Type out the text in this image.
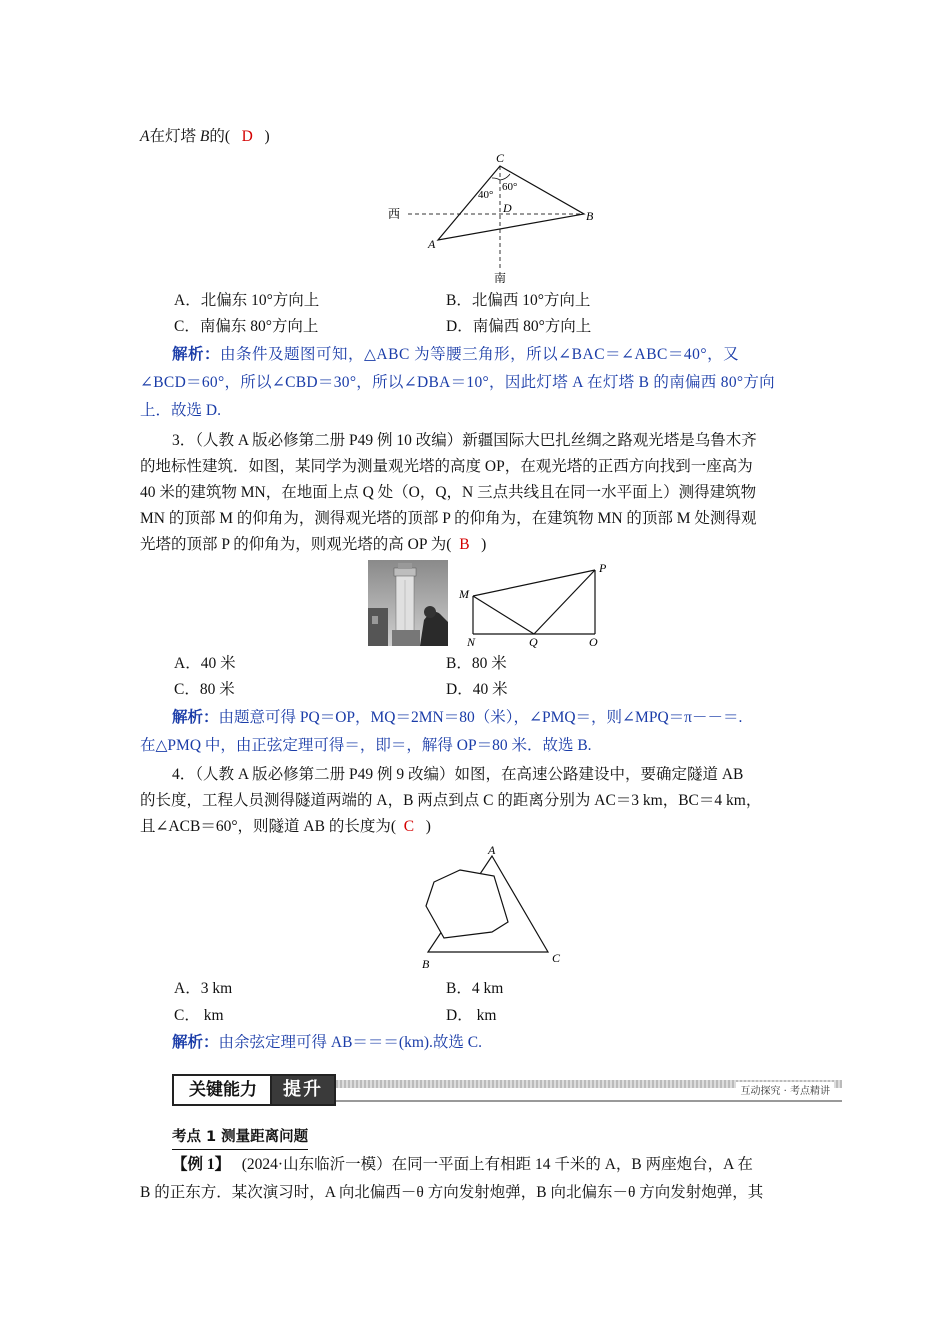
A在灯塔 B的( D )
C
D
A
B
西
南
40°
60°
A．北偏东 10°方向上	B．北偏西 10°方向上
C．南偏东 80°方向上	D．南偏西 80°方向上
解析：由条件及题图可知，△ABC 为等腰三角形，所以∠BAC＝∠ABC＝40°，又
∠BCD＝60°，所以∠CBD＝30°，所以∠DBA＝10°，因此灯塔 A 在灯塔 B 的南偏西 80°方向
上．故选 D.
3．（人教 A 版必修第二册 P49 例 10 改编）新疆国际大巴扎丝绸之路观光塔是乌鲁木齐
的地标性建筑．如图，某同学为测量观光塔的高度 OP，在观光塔的正西方向找到一座高为
40 米的建筑物 MN，在地面上点 Q 处（O，Q，N 三点共线且在同一水平面上）测得建筑物
MN 的顶部 M 的仰角为，测得观光塔的顶部 P 的仰角为，在建筑物 MN 的顶部 M 处测得观
光塔的顶部 P 的仰角为，则观光塔的高 OP 为( B )
M
N	Q	O
P
A．40 米	B．80 米
C．80 米	D．40 米
解析：由题意可得 PQ＝OP，MQ＝2MN＝80（米），∠PMQ＝，则∠MPQ＝π－－＝.
在△PMQ 中，由正弦定理可得＝，即＝，解得 OP＝80 米．故选 B.
4．（人教 A 版必修第二册 P49 例 9 改编）如图，在高速公路建设中，要确定隧道 AB
的长度，工程人员测得隧道两端的 A，B 两点到点 C 的距离分别为 AC＝3 km，BC＝4 km，
且∠ACB＝60°，则隧道 AB 的长度为( C )
A
B	C
A．3 km	B．4 km
C． km	D． km
解析：由余弦定理可得 AB＝＝＝(km).故选 C.
关键能力	提升	互动探究 · 考点精讲
考点 1 测量距离问题
【例 1】 (2024·山东临沂一模）在同一平面上有相距 14 千米的 A，B 两座炮台，A 在
B 的正东方．某次演习时，A 向北偏西－θ 方向发射炮弹，B 向北偏东－θ 方向发射炮弹，其
